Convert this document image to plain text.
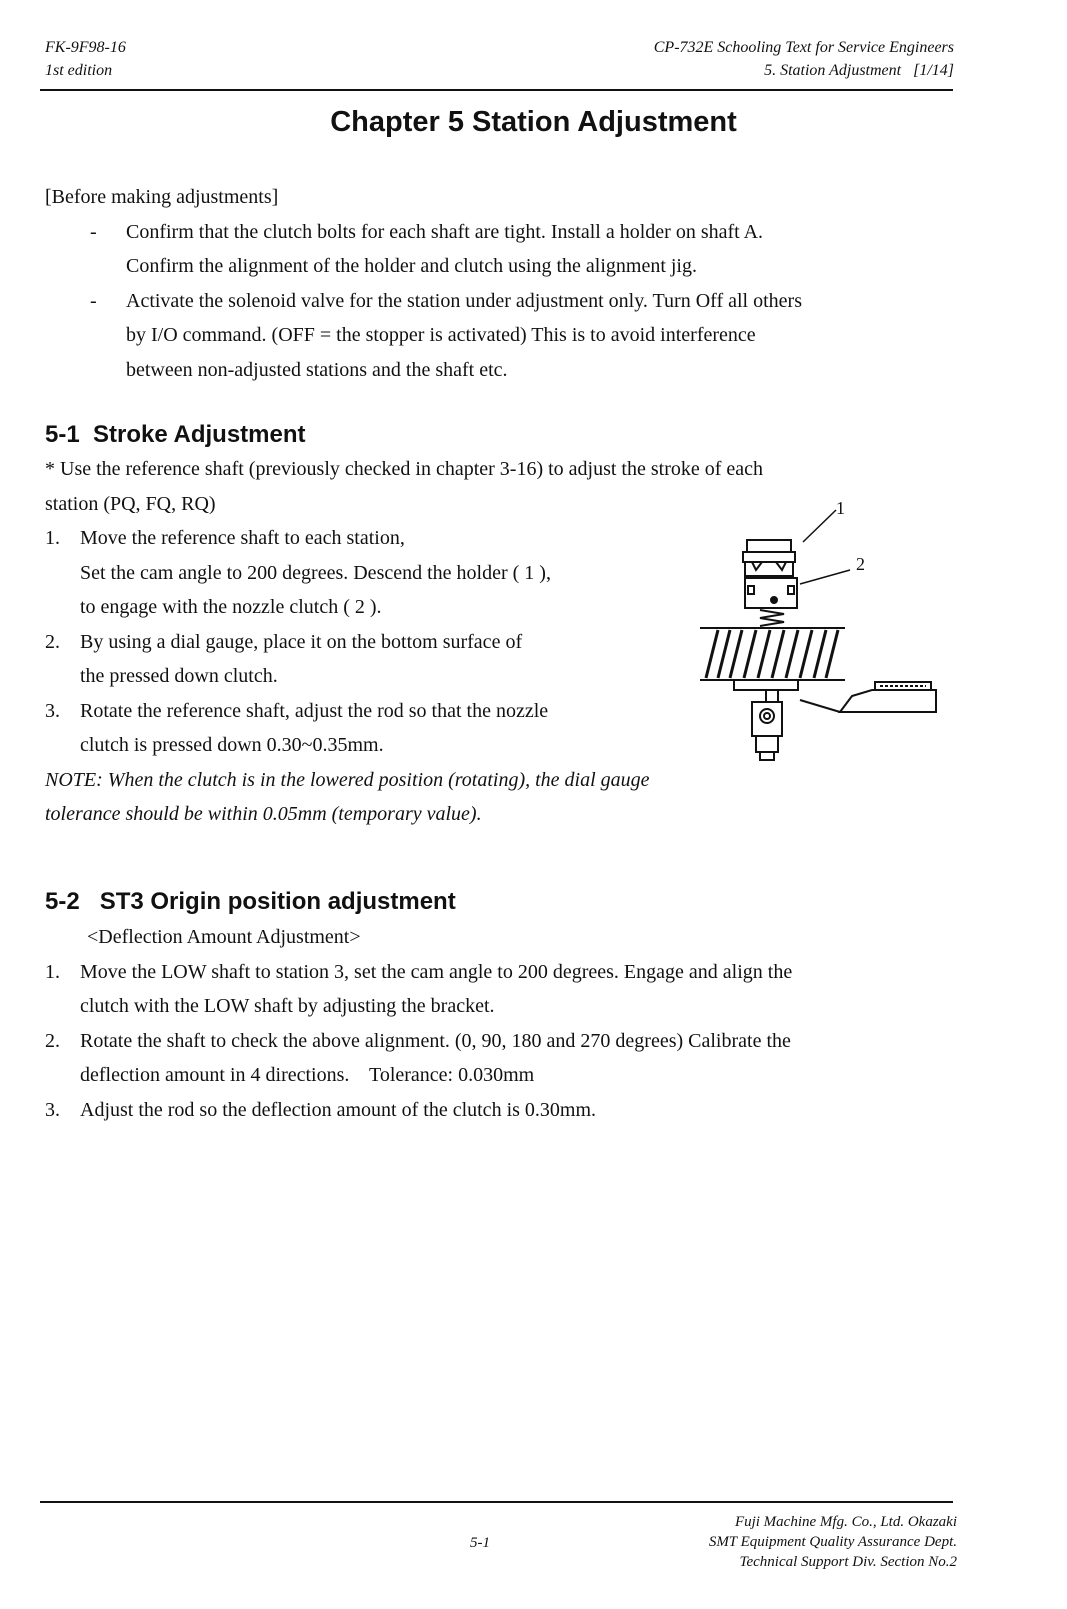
FK-9F98-16
1st edition
CP-732E Schooling Text for Service Engineers
5. Station Adjustment   [1/14]
Chapter 5 Station Adjustment

[Before making adjustments]

- Confirm that the clutch bolts for each shaft are tight. Install a holder on shaft A.

Confirm the alignment of the holder and clutch using the alignment jig.

- Activate the solenoid valve for the station under adjustment only. Turn Off all others

by I/O command. (OFF = the stopper is activated) This is to avoid interference

between non-adjusted stations and the shaft etc.

5-1  Stroke Adjustment

* Use the reference shaft (previously checked in chapter 3-16) to adjust the stroke of each

station (PQ, FQ, RQ)

1. Move the reference shaft to each station,

Set the cam angle to 200 degrees. Descend the holder ( 1 ),

to engage with the nozzle clutch ( 2 ).

2. By using a dial gauge, place it on the bottom surface of

the pressed down clutch.

3. Rotate the reference shaft, adjust the rod so that the nozzle

clutch is pressed down 0.30~0.35mm.

NOTE: When the clutch is in the lowered position (rotating), the dial gauge

tolerance should be within 0.05mm (temporary value).

1
2
5-2   ST3 Origin position adjustment

<Deflection Amount Adjustment>

1. Move the LOW shaft to station 3, set the cam angle to 200 degrees. Engage and align the

clutch with the LOW shaft by adjusting the bracket.

2. Rotate the shaft to check the above alignment. (0, 90, 180 and 270 degrees) Calibrate the

deflection amount in 4 directions.    Tolerance: 0.030mm

3. Adjust the rod so the deflection amount of the clutch is 0.30mm.

5-1
Fuji Machine Mfg. Co., Ltd. Okazaki
SMT Equipment Quality Assurance Dept.
Technical Support Div. Section No.2
